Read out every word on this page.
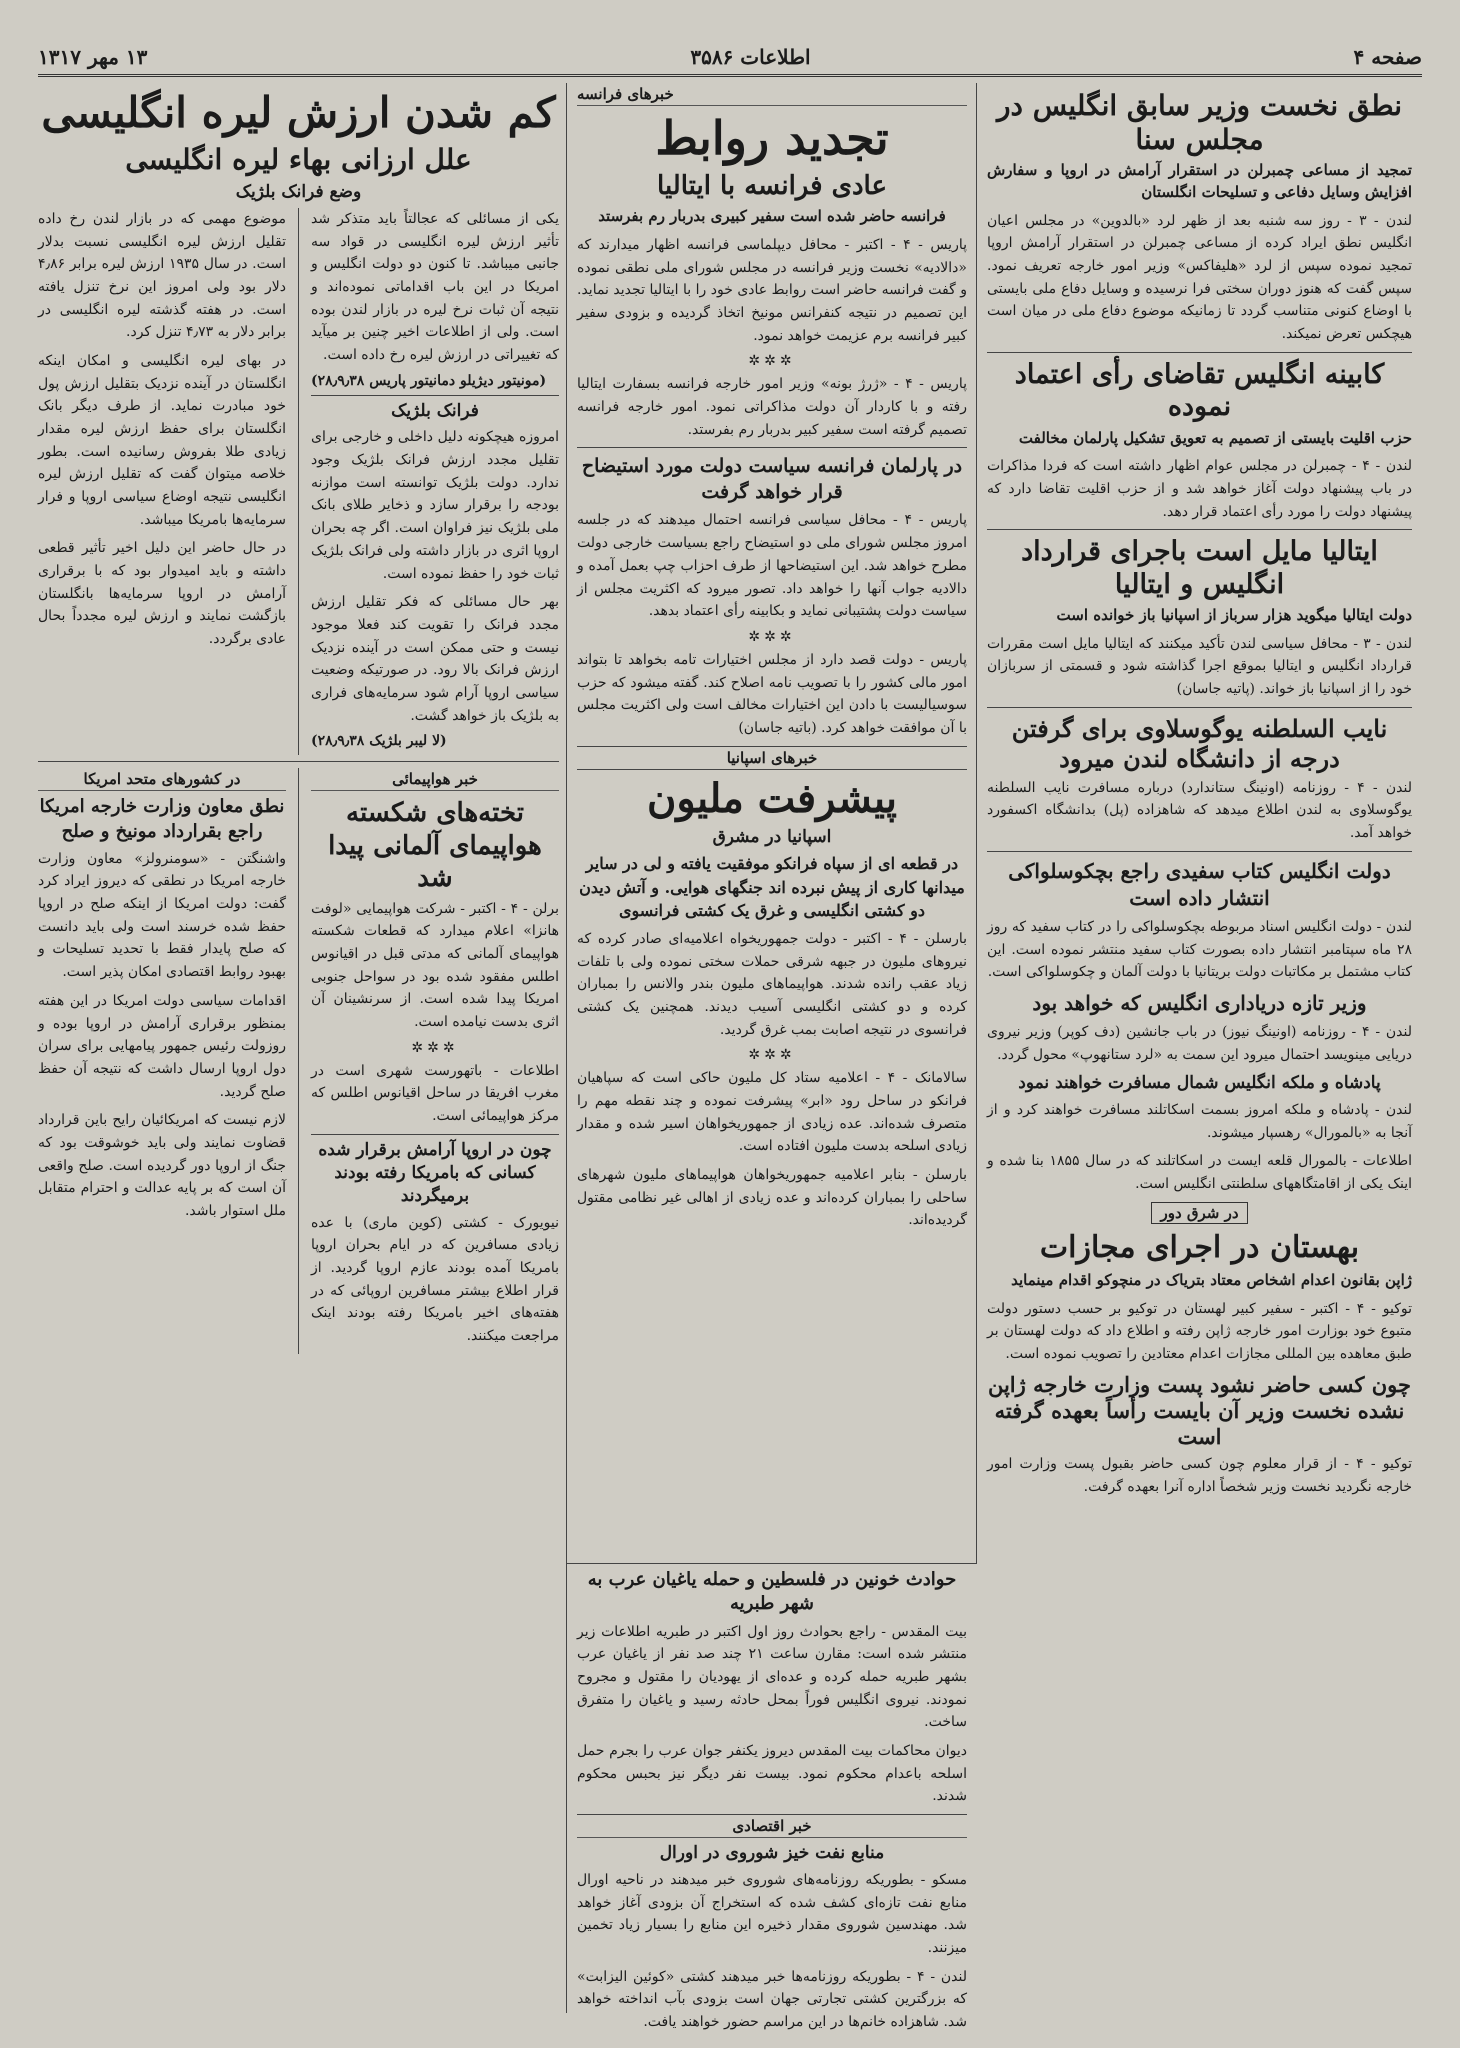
صفحه ۴
اطلاعات ۳۵۸۶
۱۳ مهر ۱۳۱۷
نطق نخست وزیر سابق انگلیس در مجلس سنا
تمجید از مساعی چمبرلن در استقرار آرامش در اروپا و سفارش افزایش وسایل دفاعی و تسلیحات انگلستان

لندن - ۳ - روز سه شنبه بعد از ظهر لرد «بالدوین» در مجلس اعیان انگلیس نطق ایراد کرده از مساعی چمبرلن در استقرار آرامش اروپا تمجید نموده سپس از لرد «هلیفاکس» وزیر امور خارجه تعریف نمود. سپس گفت که هنوز دوران سختی فرا نرسیده و وسایل دفاع ملی بایستی با اوضاع کنونی متناسب گردد تا زمانیکه موضوع دفاع ملی در میان است هیچکس تعرض نمیکند.

کابینه انگلیس تقاضای رأی اعتماد نموده
حزب اقلیت بایستی از تصمیم به تعویق تشکیل پارلمان مخالفت

لندن - ۴ - چمبرلن در مجلس عوام اظهار داشته است که فردا مذاکرات در باب پیشنهاد دولت آغاز خواهد شد و از حزب اقلیت تقاضا دارد که پیشنهاد دولت را مورد رأی اعتماد قرار دهد.

ایتالیا مایل است باجرای قرارداد انگلیس و ایتالیا
دولت ایتالیا میگوید هزار سرباز از اسپانیا باز خوانده است

لندن - ۳ - محافل سیاسی لندن تأکید میکنند که ایتالیا مایل است مقررات قرارداد انگلیس و ایتالیا بموقع اجرا گذاشته شود و قسمتی از سربازان خود را از اسپانیا باز خواند. (پاتیه جاسان)

نایب السلطنه یوگوسلاوی برای گرفتن درجه از دانشگاه لندن میرود

لندن - ۴ - روزنامه (اونینگ ستاندارد) درباره مسافرت نایب السلطنه یوگوسلاوی به لندن اطلاع میدهد که شاهزاده (پل) بدانشگاه اکسفورد خواهد آمد.

دولت انگلیس کتاب سفیدی راجع بچکوسلواکی انتشار داده است

لندن - دولت انگلیس اسناد مربوطه بچکوسلواکی را در کتاب سفید که روز ۲۸ ماه سپتامبر انتشار داده بصورت کتاب سفید منتشر نموده است. این کتاب مشتمل بر مکاتبات دولت بریتانیا با دولت آلمان و چکوسلواکی است.

وزیر تازه دریاداری انگلیس که خواهد بود

لندن - ۴ - روزنامه (اونینگ نیوز) در باب جانشین (دف کوپر) وزیر نیروی دریایی مینویسد احتمال میرود این سمت به «لرد ستانهوپ» محول گردد.

پادشاه و ملکه انگلیس شمال مسافرت خواهند نمود

لندن - پادشاه و ملکه امروز بسمت اسکاتلند مسافرت خواهند کرد و از آنجا به «بالمورال» رهسپار میشوند.

اطلاعات - بالمورال قلعه ایست در اسکاتلند که در سال ۱۸۵۵ بنا شده و اینک یکی از اقامتگاههای سلطنتی انگلیس است.

در شرق دور
بهستان در اجرای مجازات
ژاپن بقانون اعدام اشخاص معتاد بتریاک در منچوکو اقدام مینماید

توکیو - ۴ - اکتبر - سفیر کبیر لهستان در توکیو بر حسب دستور دولت متبوع خود بوزارت امور خارجه ژاپن رفته و اطلاع داد که دولت لهستان بر طبق معاهده بین المللی مجازات اعدام معتادین را تصویب نموده است.

چون کسی حاضر نشود پست وزارت خارجه ژاپن نشده نخست وزیر آن بایست رأساً بعهده گرفته است

توکیو - ۴ - از قرار معلوم چون کسی حاضر بقبول پست وزارت امور خارجه نگردید نخست وزیر شخصاً اداره آنرا بعهده گرفت.

خبرهای فرانسه
تجدید روابط
عادی فرانسه با ایتالیا
فرانسه حاضر شده است سفیر کبیری بدربار رم بفرستد

پاریس - ۴ - اکتبر - محافل دیپلماسی فرانسه اظهار میدارند که «دالادیه» نخست وزیر فرانسه در مجلس شورای ملی نطقی نموده و گفت فرانسه حاضر است روابط عادی خود را با ایتالیا تجدید نماید. این تصمیم در نتیجه کنفرانس مونیخ اتخاذ گردیده و بزودی سفیر کبیر فرانسه برم عزیمت خواهد نمود.

✲✲✲

پاریس - ۴ - «ژرژ بونه» وزیر امور خارجه فرانسه بسفارت ایتالیا رفته و با کاردار آن دولت مذاکراتی نمود. امور خارجه فرانسه تصمیم گرفته است سفیر کبیر بدربار رم بفرستد.

در پارلمان فرانسه سیاست دولت مورد استیضاح قرار خواهد گرفت

پاریس - ۴ - محافل سیاسی فرانسه احتمال میدهند که در جلسه امروز مجلس شورای ملی دو استیضاح راجع بسیاست خارجی دولت مطرح خواهد شد. این استیضاحها از طرف احزاب چپ بعمل آمده و دالادیه جواب آنها را خواهد داد. تصور میرود که اکثریت مجلس از سیاست دولت پشتیبانی نماید و بکابینه رأی اعتماد بدهد.

✲✲✲

پاریس - دولت قصد دارد از مجلس اختیارات تامه بخواهد تا بتواند امور مالی کشور را با تصویب نامه اصلاح کند. گفته میشود که حزب سوسیالیست با دادن این اختیارات مخالف است ولی اکثریت مجلس با آن موافقت خواهد کرد. (باتیه جاسان)

خبرهای اسپانیا
پیشرفت ملیون
اسپانیا در مشرق
در قطعه ای از سپاه فرانکو موفقیت یافته و لی در سایر میدانها کاری از پیش نبرده اند جنگهای هوایی. و آتش دیدن دو کشتی انگلیسی و غرق یک کشتی فرانسوی

بارسلن - ۴ - اکتبر - دولت جمهوریخواه اعلامیه‌ای صادر کرده که نیروهای ملیون در جبهه شرقی حملات سختی نموده ولی با تلفات زیاد عقب رانده شدند. هواپیماهای ملیون بندر والانس را بمباران کرده و دو کشتی انگلیسی آسیب دیدند. همچنین یک کشتی فرانسوی در نتیجه اصابت بمب غرق گردید.

✲✲✲

سالامانک - ۴ - اعلامیه ستاد کل ملیون حاکی است که سپاهیان فرانکو در ساحل رود «ابر» پیشرفت نموده و چند نقطه مهم را متصرف شده‌اند. عده زیادی از جمهوریخواهان اسیر شده و مقدار زیادی اسلحه بدست ملیون افتاده است.

بارسلن - بنابر اعلامیه جمهوریخواهان هواپیماهای ملیون شهرهای ساحلی را بمباران کرده‌اند و عده زیادی از اهالی غیر نظامی مقتول گردیده‌اند.

کم شدن ارزش لیره انگلیسی
علل ارزانی بهاء لیره انگلیسی
وضع فرانک بلژیک

یکی از مسائلی که عجالتاً باید متذکر شد تأثیر ارزش لیره انگلیسی در قواد سه جانبی میباشد. تا کنون دو دولت انگلیس و امریکا در این باب اقداماتی نموده‌اند و نتیجه آن ثبات نرخ لیره در بازار لندن بوده است. ولی از اطلاعات اخیر چنین بر میآید که تغییراتی در ارزش لیره رخ داده است.

(مونیتور دیژیلو دمانیتور پاریس ۲۸٫۹٫۳۸)
فرانک بلژیک

امروزه هیچکونه دلیل داخلی و خارجی برای تقلیل مجدد ارزش فرانک بلژیک وجود ندارد. دولت بلژیک توانسته است موازنه بودجه را برقرار سازد و ذخایر طلای بانک ملی بلژیک نیز فراوان است. اگر چه بحران اروپا اثری در بازار داشته ولی فرانک بلژیک ثبات خود را حفظ نموده است.

بهر حال مسائلی که فکر تقلیل ارزش مجدد فرانک را تقویت کند فعلا موجود نیست و حتی ممکن است در آینده نزدیک ارزش فرانک بالا رود. در صورتیکه وضعیت سیاسی اروپا آرام شود سرمایه‌های فراری به بلژیک باز خواهد گشت.

(لا لیبر بلژیک ۲۸٫۹٫۳۸)

موضوع مهمی که در بازار لندن رخ داده تقلیل ارزش لیره انگلیسی نسبت بدلار است. در سال ۱۹۳۵ ارزش لیره برابر ۴٫۸۶ دلار بود ولی امروز این نرخ تنزل یافته است. در هفته گذشته لیره انگلیسی در برابر دلار به ۴٫۷۳ تنزل کرد.

در بهای لیره انگلیسی و امکان اینکه انگلستان در آینده نزدیک بتقلیل ارزش پول خود مبادرت نماید. از طرف دیگر بانک انگلستان برای حفظ ارزش لیره مقدار زیادی طلا بفروش رسانیده است. بطور خلاصه میتوان گفت که تقلیل ارزش لیره انگلیسی نتیجه اوضاع سیاسی اروپا و فرار سرمایه‌ها بامریکا میباشد.

در حال حاضر این دلیل اخیر تأثیر قطعی داشته و باید امیدوار بود که با برقراری آرامش در اروپا سرمایه‌ها بانگلستان بازگشت نمایند و ارزش لیره مجدداً بحال عادی برگردد.

خبر هواپیمائی
تخته‌های شکسته هواپیمای آلمانی پیدا شد

برلن - ۴ - اکتبر - شرکت هواپیمایی «لوفت هانزا» اعلام میدارد که قطعات شکسته هواپیمای آلمانی که مدتی قبل در اقیانوس اطلس مفقود شده بود در سواحل جنوبی امریکا پیدا شده است. از سرنشینان آن اثری بدست نیامده است.

✲✲✲

اطلاعات - باتهورست شهری است در مغرب افریقا در ساحل اقیانوس اطلس که مرکز هواپیمائی است.

چون در اروپا آرامش برقرار شده کسانی که بامریکا رفته بودند برمیگردند

نیویورک - کشتی (کوین ماری) با عده زیادی مسافرین که در ایام بحران اروپا بامریکا آمده بودند عازم اروپا گردید. از قرار اطلاع بیشتر مسافرین اروپائی که در هفته‌های اخیر بامریکا رفته بودند اینک مراجعت میکنند.

در کشورهای متحد امریکا
نطق معاون وزارت خارجه امریکا راجع بقرارداد مونیخ و صلح

واشنگتن - «سومنرولز» معاون وزارت خارجه امریکا در نطقی که دیروز ایراد کرد گفت: دولت امریکا از اینکه صلح در اروپا حفظ شده خرسند است ولی باید دانست که صلح پایدار فقط با تحدید تسلیحات و بهبود روابط اقتصادی امکان پذیر است.

اقدامات سیاسی دولت امریکا در این هفته بمنظور برقراری آرامش در اروپا بوده و روزولت رئیس جمهور پیامهایی برای سران دول اروپا ارسال داشت که نتیجه آن حفظ صلح گردید.

لازم نیست که امریکائیان رایح باین قرارداد قضاوت نمایند ولی باید خوشوقت بود که جنگ از اروپا دور گردیده است. صلح واقعی آن است که بر پایه عدالت و احترام متقابل ملل استوار باشد.

حوادث خونین در فلسطین و حمله یاغیان عرب به شهر طبریه

بیت المقدس - راجع بحوادث روز اول اکتبر در طبریه اطلاعات زیر منتشر شده است: مقارن ساعت ۲۱ چند صد نفر از یاغیان عرب بشهر طبریه حمله کرده و عده‌ای از یهودیان را مقتول و مجروح نمودند. نیروی انگلیس فوراً بمحل حادثه رسید و یاغیان را متفرق ساخت.

دیوان محاکمات بیت المقدس دیروز یکنفر جوان عرب را بجرم حمل اسلحه باعدام محکوم نمود. بیست نفر دیگر نیز بحبس محکوم شدند.

خبر اقتصادی
منابع نفت خیز شوروی در اورال

مسکو - بطوریکه روزنامه‌های شوروی خبر میدهند در ناحیه اورال منابع نفت تازه‌ای کشف شده که استخراج آن بزودی آغاز خواهد شد. مهندسین شوروی مقدار ذخیره این منابع را بسیار زیاد تخمین میزنند.

لندن - ۴ - بطوریکه روزنامه‌ها خبر میدهند کشتی «کوئین الیزابت» که بزرگترین کشتی تجارتی جهان است بزودی بآب انداخته خواهد شد. شاهزاده خانم‌ها در این مراسم حضور خواهند یافت.
